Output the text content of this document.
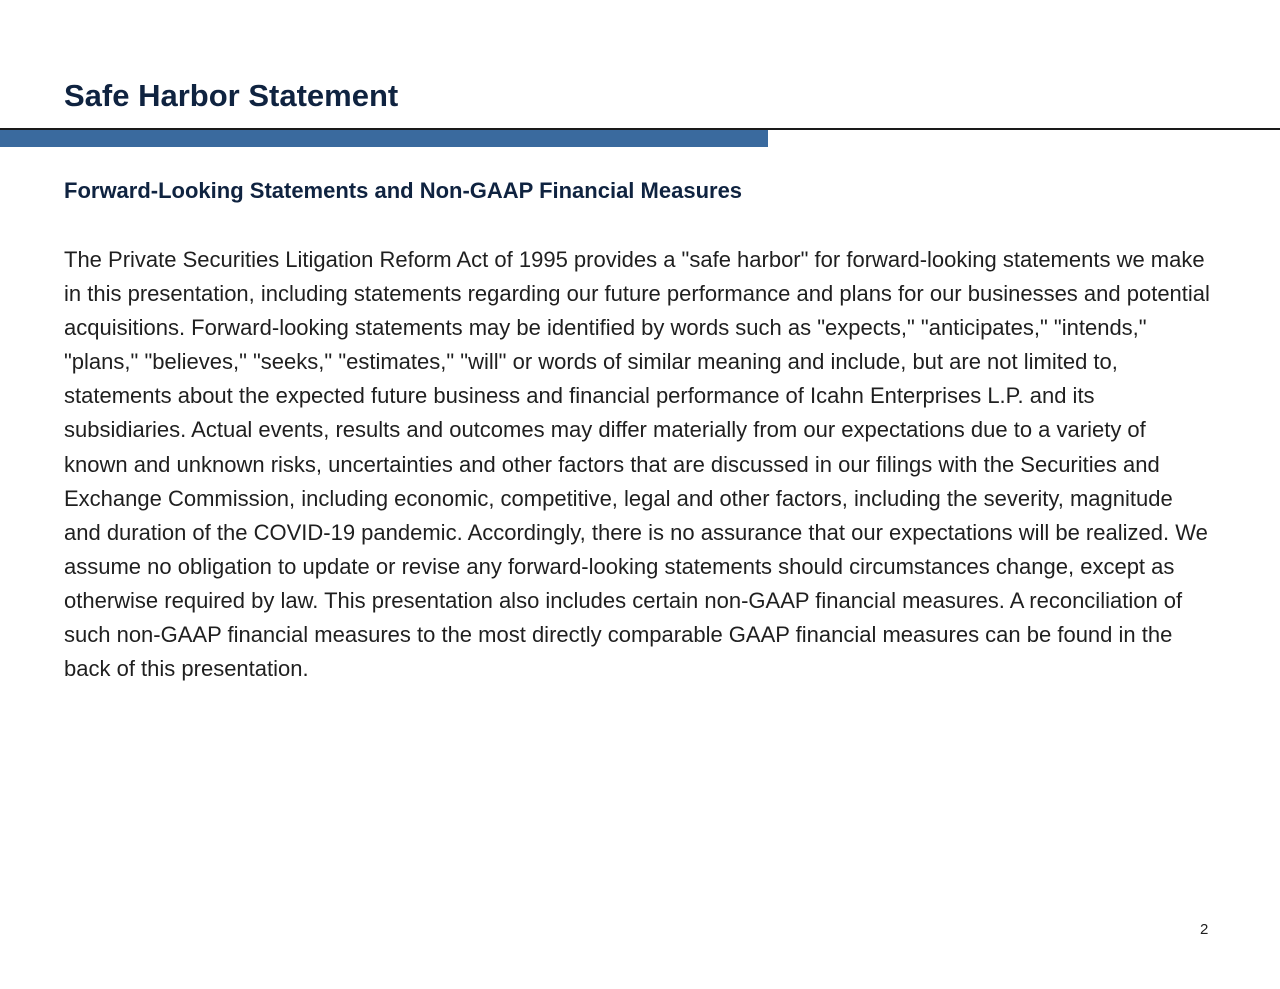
Safe Harbor Statement
Forward-Looking Statements and Non-GAAP Financial Measures

The Private Securities Litigation Reform Act of 1995 provides a "safe harbor" for forward-looking statements we make in this presentation, including statements regarding our future performance and plans for our businesses and potential acquisitions. Forward-looking statements may be identified by words such as "expects," "anticipates," "intends," "plans," "believes," "seeks," "estimates," "will" or words of similar meaning and include, but are not limited to, statements about the expected future business and financial performance of Icahn Enterprises L.P. and its subsidiaries. Actual events, results and outcomes may differ materially from our expectations due to a variety of known and unknown risks, uncertainties and other factors that are discussed in our filings with the Securities and Exchange Commission, including economic, competitive, legal and other factors, including the severity, magnitude and duration of the COVID-19 pandemic. Accordingly, there is no assurance that our expectations will be realized. We assume no obligation to update or revise any forward-looking statements should circumstances change, except as otherwise required by law. This presentation also includes certain non-GAAP financial measures. A reconciliation of such non-GAAP financial measures to the most directly comparable GAAP financial measures can be found in the back of this presentation.

2
